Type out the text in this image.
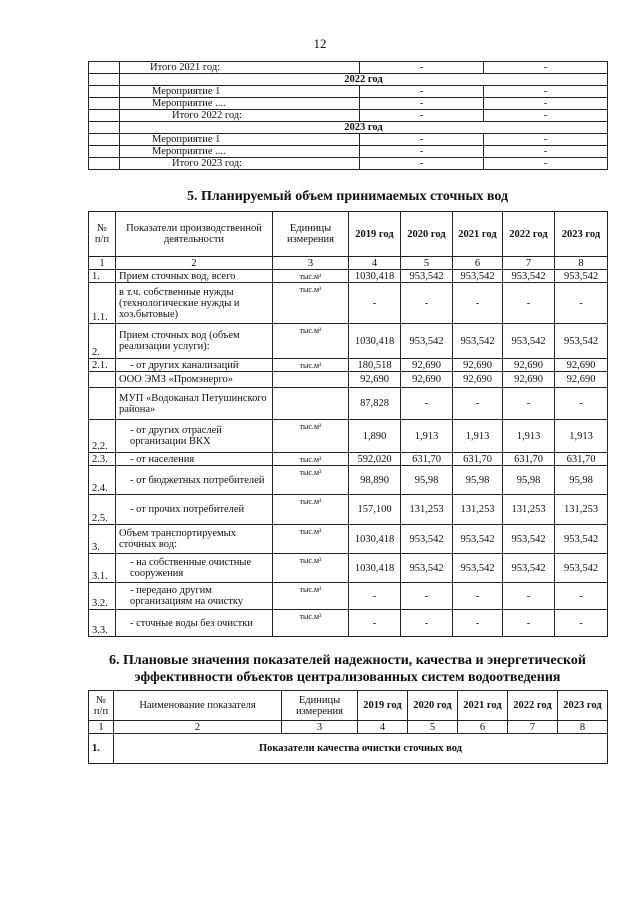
12
	Итого 2021 год:	-	-
	2022 год		
	Мероприятие 1	-	-
	Мероприятие ....	-	-
	Итого 2022 год:	-	-
	2023 год		
	Мероприятие 1	-	-
	Мероприятие ....	-	-
	Итого 2023 год:	-	-
5. Планируемый объем принимаемых сточных вод
№ п/п	Показатели производственной деятельности	Единицы измерения	2019 год	2020 год	2021 год	2022 год	2023 год
1	2	3	4	5	6	7	8
1.	Прием сточных вод, всего	тыс.м³	1030,418	953,542	953,542	953,542	953,542
1.1.	в т.ч. собственные нужды (технологические нужды и хоз.бытовые)	тыс.м³	-	-	-	-	-
2.	Прием сточных вод (объем реализации услуги):	тыс.м³	1030,418	953,542	953,542	953,542	953,542
2.1.	- от других канализаций	тыс.м³	180,518	92,690	92,690	92,690	92,690
	ООО ЭМЗ «Промэнерго»		92,690	92,690	92,690	92,690	92,690
	МУП «Водоканал Петушинского района»		87,828	-	-	-	-
2.2.	- от других отраслей организации ВКХ	тыс.м³	1,890	1,913	1,913	1,913	1,913
2.3.	- от населения	тыс.м³	592,020	631,70	631,70	631,70	631,70
2.4.	- от бюджетных потребителей	тыс.м³	98,890	95,98	95,98	95,98	95,98
2.5.	- от прочих потребителей	тыс.м³	157,100	131,253	131,253	131,253	131,253
3.	Объем транспортируемых сточных вод:	тыс.м³	1030,418	953,542	953,542	953,542	953,542
3.1.	- на собственные очистные сооружения	тыс.м³	1030,418	953,542	953,542	953,542	953,542
3.2.	- передано другим организациям на очистку	тыс.м³	-	-	-	-	-
3.3.	- сточные воды без очистки	тыс.м³	-	-	-	-	-
6. Плановые значения показателей надежности, качества и энергетической
эффективности объектов централизованных систем водоотведения
№ п/п	Наименование показателя	Единицы измерения	2019 год	2020 год	2021 год	2022 год	2023 год
1	2	3	4	5	6	7	8
1.	Показатели качества очистки сточных вод						
